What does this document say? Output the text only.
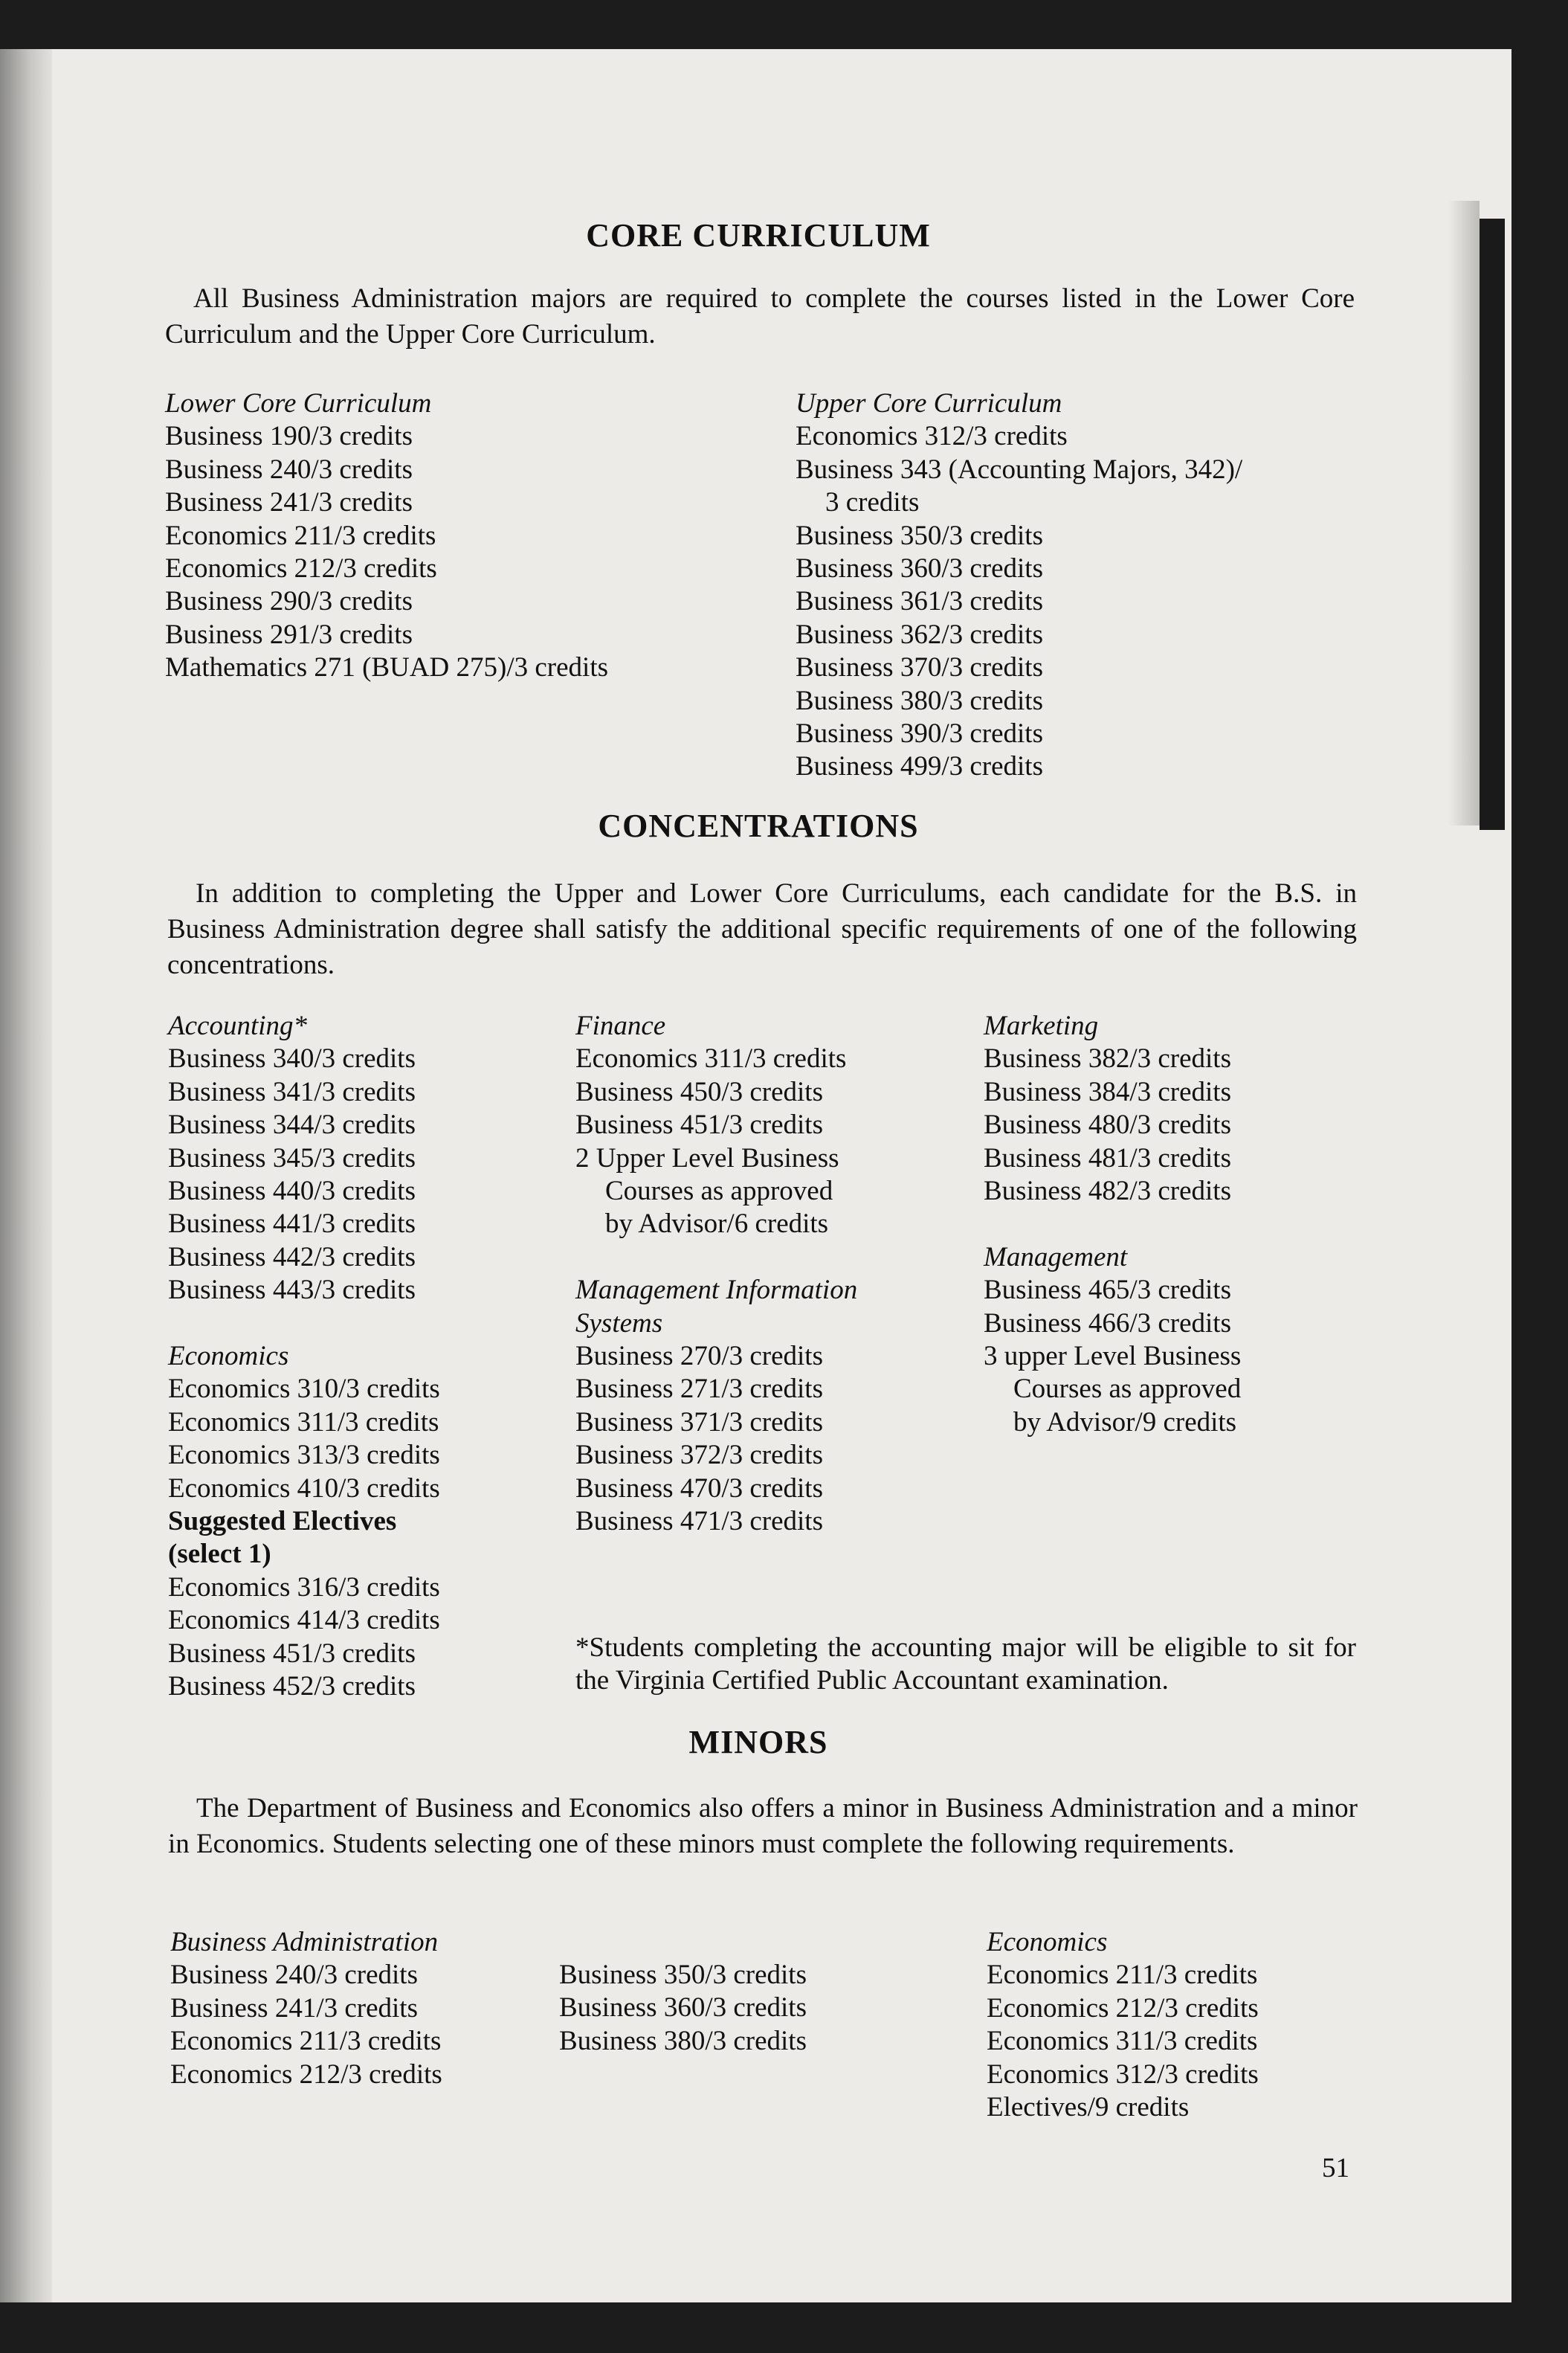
CORE CURRICULUM

All Business Administration majors are required to complete the courses listed in the Lower Core Curriculum and the Upper Core Curriculum.

Lower Core Curriculum
Business 190/3 credits
Business 240/3 credits
Business 241/3 credits
Economics 211/3 credits
Economics 212/3 credits
Business 290/3 credits
Business 291/3 credits
Mathematics 271 (BUAD 275)/3 credits
Upper Core Curriculum
Economics 312/3 credits
Business 343 (Accounting Majors, 342)/
3 credits
Business 350/3 credits
Business 360/3 credits
Business 361/3 credits
Business 362/3 credits
Business 370/3 credits
Business 380/3 credits
Business 390/3 credits
Business 499/3 credits
CONCENTRATIONS

In addition to completing the Upper and Lower Core Curriculums, each candidate for the B.S. in Business Administration degree shall satisfy the additional specific requirements of one of the following concentrations.

Accounting*
Business 340/3 credits
Business 341/3 credits
Business 344/3 credits
Business 345/3 credits
Business 440/3 credits
Business 441/3 credits
Business 442/3 credits
Business 443/3 credits
Economics
Economics 310/3 credits
Economics 311/3 credits
Economics 313/3 credits
Economics 410/3 credits
Suggested Electives
(select 1)
Economics 316/3 credits
Economics 414/3 credits
Business 451/3 credits
Business 452/3 credits
Finance
Economics 311/3 credits
Business 450/3 credits
Business 451/3 credits
2 Upper Level Business
Courses as approved
by Advisor/6 credits
Management Information
Systems
Business 270/3 credits
Business 271/3 credits
Business 371/3 credits
Business 372/3 credits
Business 470/3 credits
Business 471/3 credits
Marketing
Business 382/3 credits
Business 384/3 credits
Business 480/3 credits
Business 481/3 credits
Business 482/3 credits
Management
Business 465/3 credits
Business 466/3 credits
3 upper Level Business
Courses as approved
by Advisor/9 credits

*Students completing the accounting major will be eligible to sit for the Virginia Certified Public Accountant examination.

MINORS

The Department of Business and Economics also offers a minor in Business Administration and a minor in Economics. Students selecting one of these minors must complete the following requirements.

Business Administration
Business 240/3 credits
Business 241/3 credits
Economics 211/3 credits
Economics 212/3 credits
Business 350/3 credits
Business 360/3 credits
Business 380/3 credits
Economics
Economics 211/3 credits
Economics 212/3 credits
Economics 311/3 credits
Economics 312/3 credits
Electives/9 credits
51
